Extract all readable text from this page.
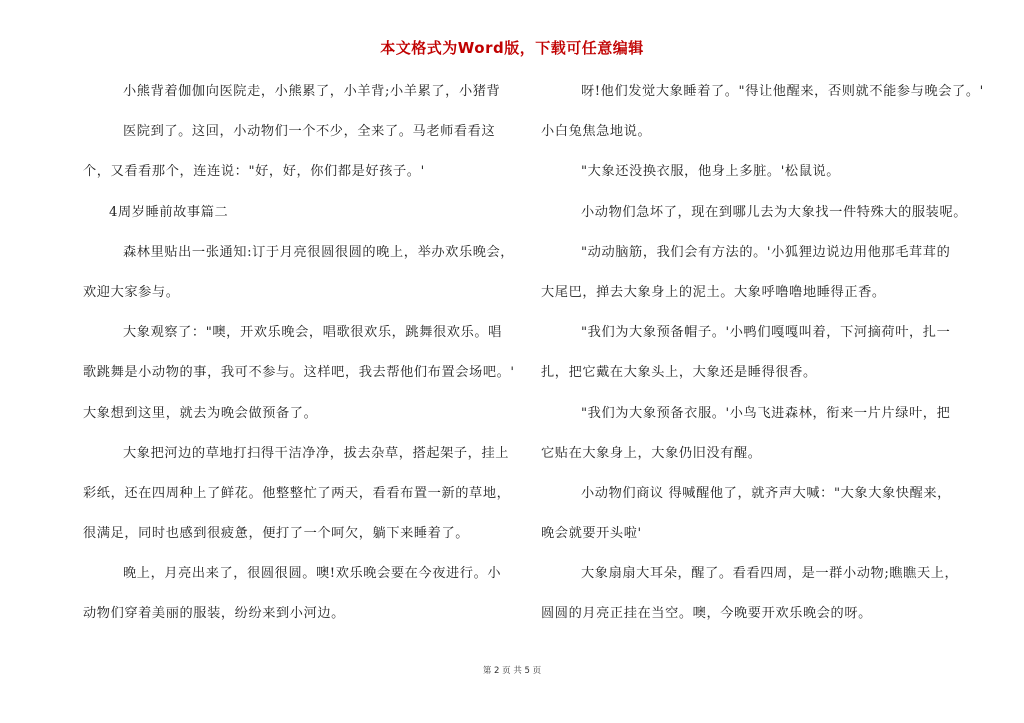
本文格式为Word版，下载可任意编辑
小熊背着伽伽向医院走，小熊累了，小羊背;小羊累了，小猪背
医院到了。这回，小动物们一个不少，全来了。马老师看看这
个，又看看那个，连连说："好，好，你们都是好孩子。'
4周岁睡前故事篇二
森林里贴出一张通知:订于月亮很圆很圆的晚上，举办欢乐晚会，
欢迎大家参与。
大象观察了："噢，开欢乐晚会，唱歌很欢乐，跳舞很欢乐。唱
歌跳舞是小动物的事，我可不参与。这样吧，我去帮他们布置会场吧。'
大象想到这里，就去为晚会做预备了。
大象把河边的草地打扫得干洁净净，拔去杂草，搭起架子，挂上
彩纸，还在四周种上了鲜花。他整整忙了两天，看看布置一新的草地，
很满足，同时也感到很疲惫，便打了一个呵欠，躺下来睡着了。
晚上，月亮出来了，很圆很圆。噢!欢乐晚会要在今夜进行。小
动物们穿着美丽的服装，纷纷来到小河边。
呀!他们发觉大象睡着了。"得让他醒来，否则就不能参与晚会了。'
小白兔焦急地说。
"大象还没换衣服，他身上多脏。'松鼠说。
小动物们急坏了，现在到哪儿去为大象找一件特殊大的服装呢。
"动动脑筋，我们会有方法的。'小狐狸边说边用他那毛茸茸的
大尾巴，掸去大象身上的泥土。大象呼噜噜地睡得正香。
"我们为大象预备帽子。'小鸭们嘎嘎叫着，下河摘荷叶，扎一
扎，把它戴在大象头上，大象还是睡得很香。
"我们为大象预备衣服。'小鸟飞进森林，衔来一片片绿叶，把
它贴在大象身上，大象仍旧没有醒。
小动物们商议 得喊醒他了，就齐声大喊："大象大象快醒来，
晚会就要开头啦'
大象扇扇大耳朵，醒了。看看四周，是一群小动物;瞧瞧天上，
圆圆的月亮正挂在当空。噢，今晚要开欢乐晚会的呀。
第 2 页 共 5 页
